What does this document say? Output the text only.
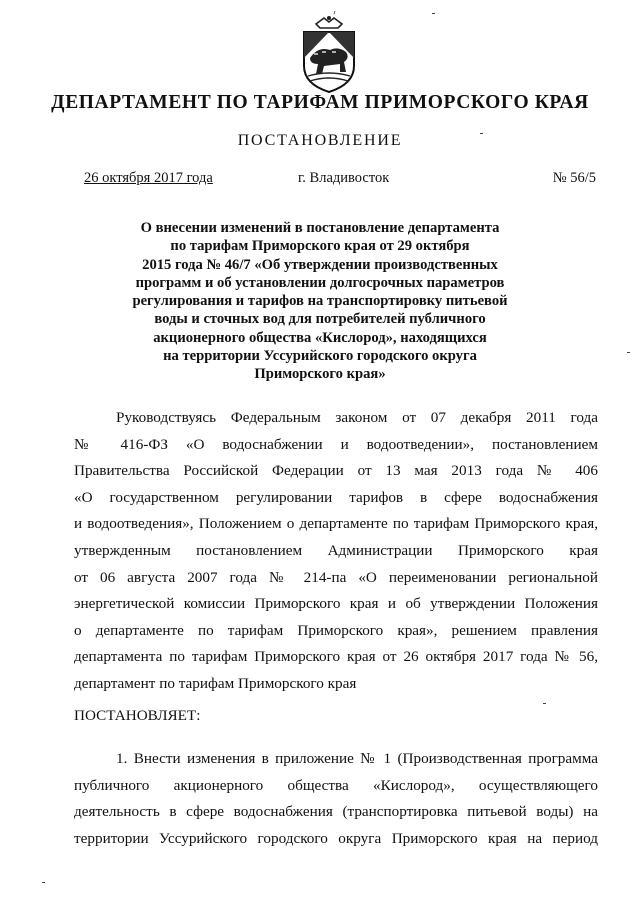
ДЕПАРТАМЕНТ ПО ТАРИФАМ ПРИМОРСКОГО КРАЯ
ПОСТАНОВЛЕНИЕ
26 октября 2017 года	г. Владивосток	№ 56/5

О внесении изменений в постановление департамента
по тарифам Приморского края от 29 октября
2015 года № 46/7 «Об утверждении производственных
программ и об установлении долгосрочных параметров
регулирования и тарифов на транспортировку питьевой
воды и сточных вод для потребителей публичного
акционерного общества «Кислород», находящихся
на территории Уссурийского городского округа
Приморского края»

Руководствуясь Федеральным законом от 07 декабря 2011 года
№ 416-ФЗ «О водоснабжении и водоотведении», постановлением
Правительства Российской Федерации от 13 мая 2013 года № 406
«О государственном регулировании тарифов в сфере водоснабжения
и водоотведения», Положением о департаменте по тарифам Приморского края,
утвержденным постановлением Администрации Приморского края
от 06 августа 2007 года № 214-па «О переименовании региональной
энергетической комиссии Приморского края и об утверждении Положения
о департаменте по тарифам Приморского края», решением правления
департамента по тарифам Приморского края от 26 октября 2017 года № 56,
департамент по тарифам Приморского края

ПОСТАНОВЛЯЕТ:

1. Внести изменения в приложение № 1 (Производственная программа
публичного акционерного общества «Кислород», осуществляющего
деятельность в сфере водоснабжения (транспортировка питьевой воды) на
территории Уссурийского городского округа Приморского края на период
